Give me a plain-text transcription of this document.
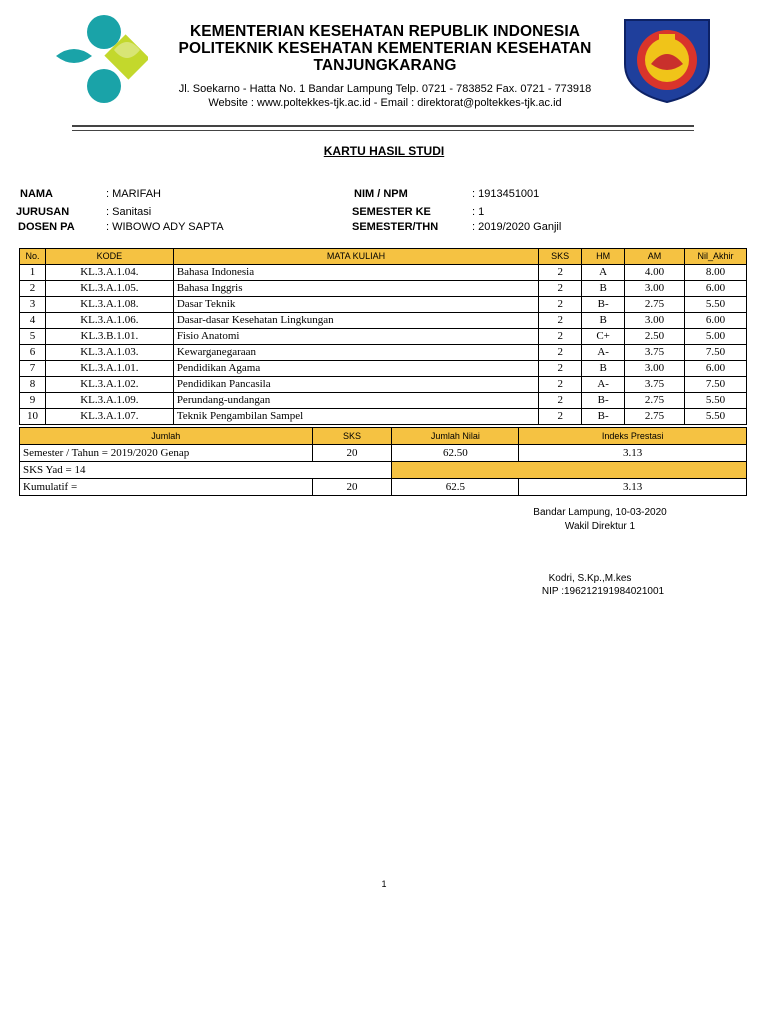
KEMENTERIAN KESEHATAN REPUBLIK INDONESIA
POLITEKNIK KESEHATAN KEMENTERIAN KESEHATAN
TANJUNGKARANG
Jl. Soekarno - Hatta No. 1 Bandar Lampung Telp. 0721 - 783852 Fax. 0721 - 773918
Website : www.poltekkes-tjk.ac.id - Email : direktorat@poltekkes-tjk.ac.id
KARTU HASIL STUDI
NAMA	: MARIFAH
JURUSAN	: Sanitasi
DOSEN PA	: WIBOWO ADY SAPTA
NIM / NPM	: 1913451001
SEMESTER KE	: 1
SEMESTER/THN	: 2019/2020 Ganjil
No.	KODE	MATA KULIAH	SKS	HM	AM	Nil_Akhir
1	KL.3.A.1.04.	Bahasa Indonesia	2	A	4.00	8.00
2	KL.3.A.1.05.	Bahasa Inggris	2	B	3.00	6.00
3	KL.3.A.1.08.	Dasar Teknik	2	B-	2.75	5.50
4	KL.3.A.1.06.	Dasar-dasar Kesehatan Lingkungan	2	B	3.00	6.00
5	KL.3.B.1.01.	Fisio Anatomi	2	C+	2.50	5.00
6	KL.3.A.1.03.	Kewarganegaraan	2	A-	3.75	7.50
7	KL.3.A.1.01.	Pendidikan Agama	2	B	3.00	6.00
8	KL.3.A.1.02.	Pendidikan Pancasila	2	A-	3.75	7.50
9	KL.3.A.1.09.	Perundang-undangan	2	B-	2.75	5.50
10	KL.3.A.1.07.	Teknik Pengambilan Sampel	2	B-	2.75	5.50
Jumlah	SKS	Jumlah Nilai	Indeks Prestasi
Semester / Tahun = 2019/2020 Genap	20	62.50	3.13
SKS Yad = 14			
Kumulatif =	20	62.5	3.13
Bandar Lampung, 10-03-2020
Wakil Direktur 1
Kodri, S.Kp.,M.kes
NIP :196212191984021001
1
